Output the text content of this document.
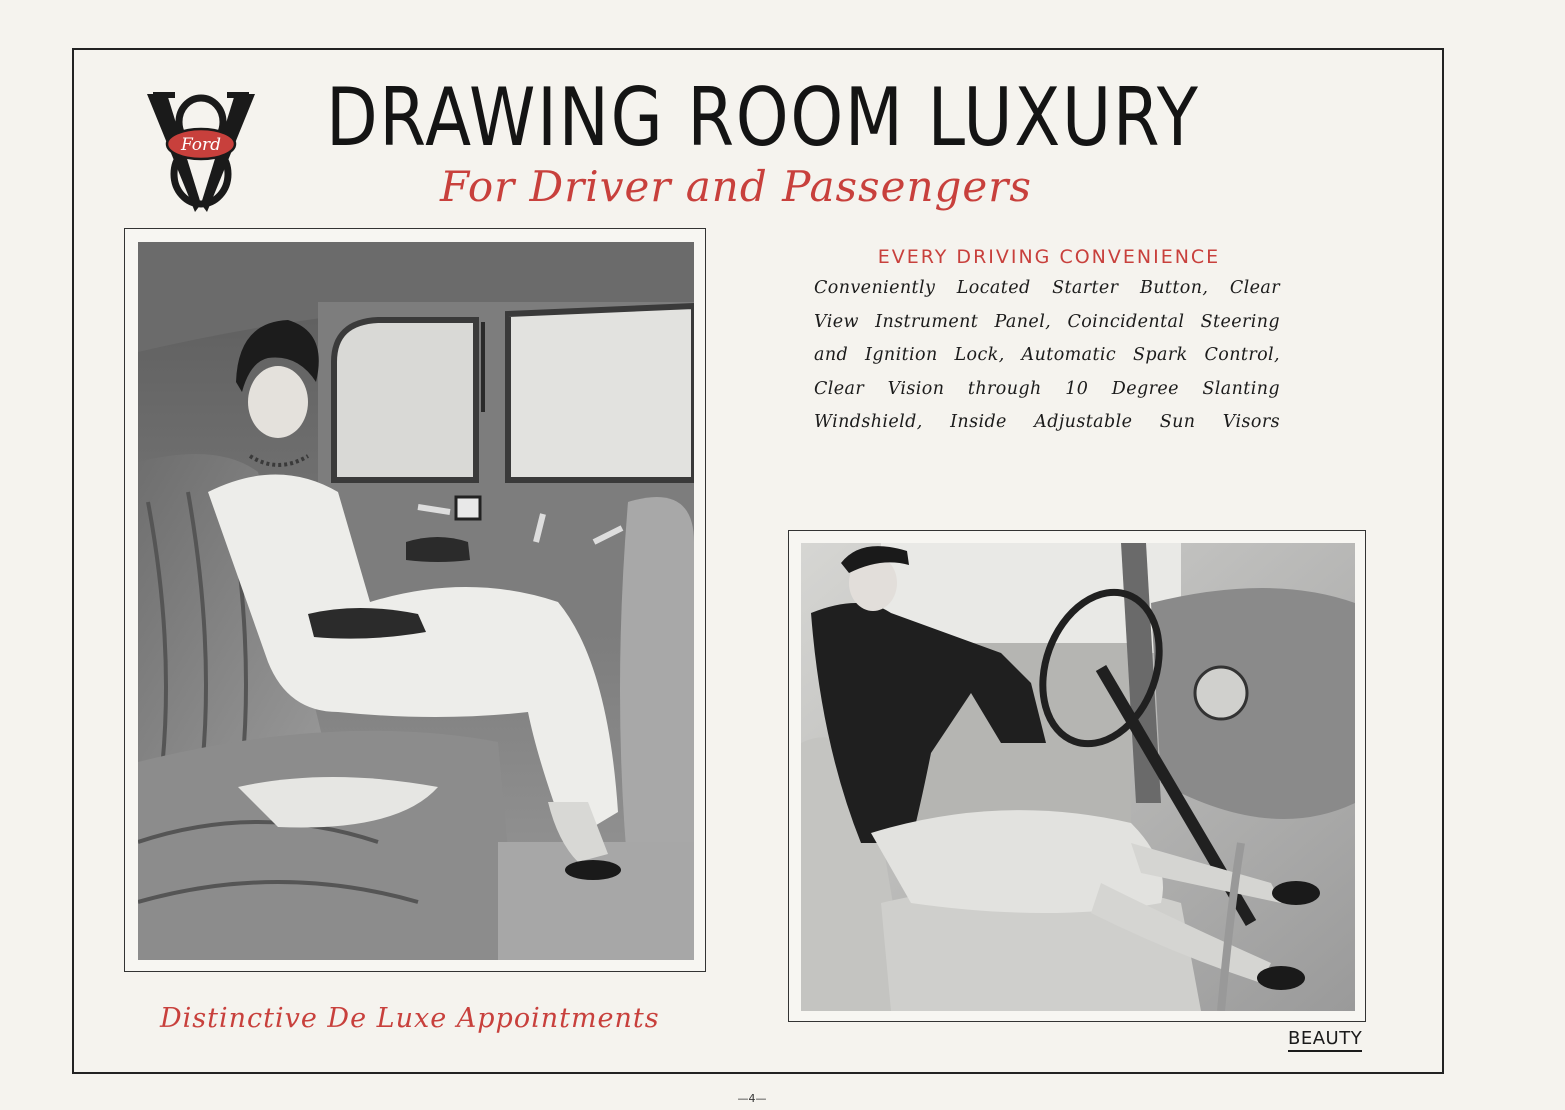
Ford DRAWING ROOM LUXURY
For Driver and Passengers
EVERY DRIVING CONVENIENCE
Conveniently Located Starter Button, Clear
View Instrument Panel, Coincidental Steering
and Ignition Lock, Automatic Spark Control,
Clear Vision through 10 Degree Slanting
Windshield, Inside Adjustable Sun Visors
Distinctive De Luxe Appointments
BEAUTY
—4—
